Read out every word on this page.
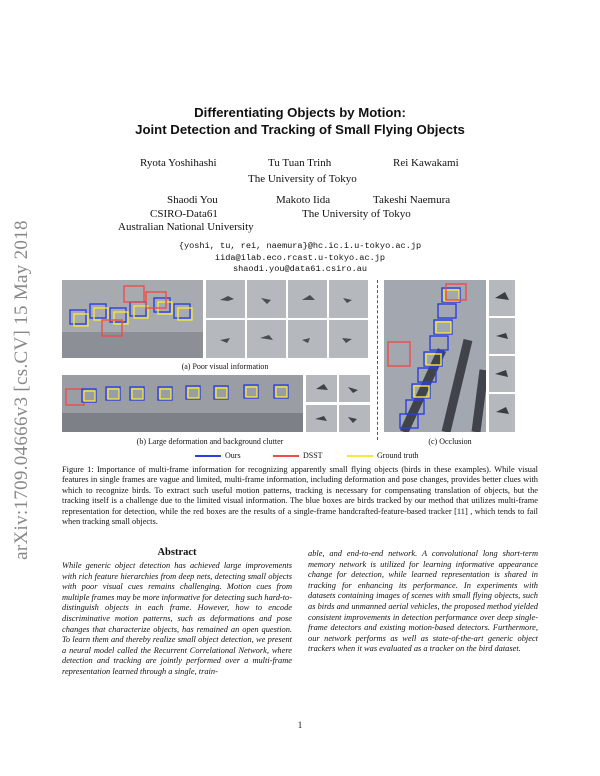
arXiv:1709.04666v3 [cs.CV] 15 May 2018
Differentiating Objects by Motion:
Joint Detection and Tracking of Small Flying Objects
Ryota Yoshihashi	Tu Tuan Trinh	Rei Kawakami
The University of Tokyo
Shaodi You	Makoto Iida	Takeshi Naemura
CSIRO-Data61
Australian National University
The University of Tokyo
{yoshi, tu, rei, naemura}@hc.ic.i.u-tokyo.ac.jp
iida@ilab.eco.rcast.u-tokyo.ac.jp
shaodi.you@data61.csiro.au
(a) Poor visual information
(b) Large deformation and background clutter	(c) Occlusion
Ours	DSST	Ground truth
Figure 1: Importance of multi-frame information for recognizing apparently small flying objects (birds in these examples). While visual features in single frames are vague and limited, multi-frame information, including deformation and pose changes, provides better clues with which to recognize birds. To extract such useful motion patterns, tracking is necessary for compensating translation of objects, but the tracking itself is a challenge due to the limited visual information. The blue boxes are birds tracked by our method that utilizes multi-frame representation for detection, while the red boxes are the results of a single-frame handcrafted-feature-based tracker [11] , which tends to fail when tracking small objects.
Abstract
While generic object detection has achieved large improvements with rich feature hierarchies from deep nets, detecting small objects with poor visual cues remains challenging. Motion cues from multiple frames may be more informative for detecting such hard-to-distinguish objects in each frame. However, how to encode discriminative motion patterns, such as deformations and pose changes that characterize objects, has remained an open question. To learn them and thereby realize small object detection, we present a neural model called the Recurrent Correlational Network, where detection and tracking are jointly performed over a multi-frame representation learned through a single, train-
able, and end-to-end network. A convolutional long short-term memory network is utilized for learning informative appearance change for detection, while learned representation is shared in tracking for enhancing its performance. In experiments with datasets containing images of scenes with small flying objects, such as birds and unmanned aerial vehicles, the proposed method yielded consistent improvements in detection performance over deep single-frame detectors and existing motion-based detectors. Furthermore, our network performs as well as state-of-the-art generic object trackers when it was evaluated as a tracker on the bird dataset.
1
